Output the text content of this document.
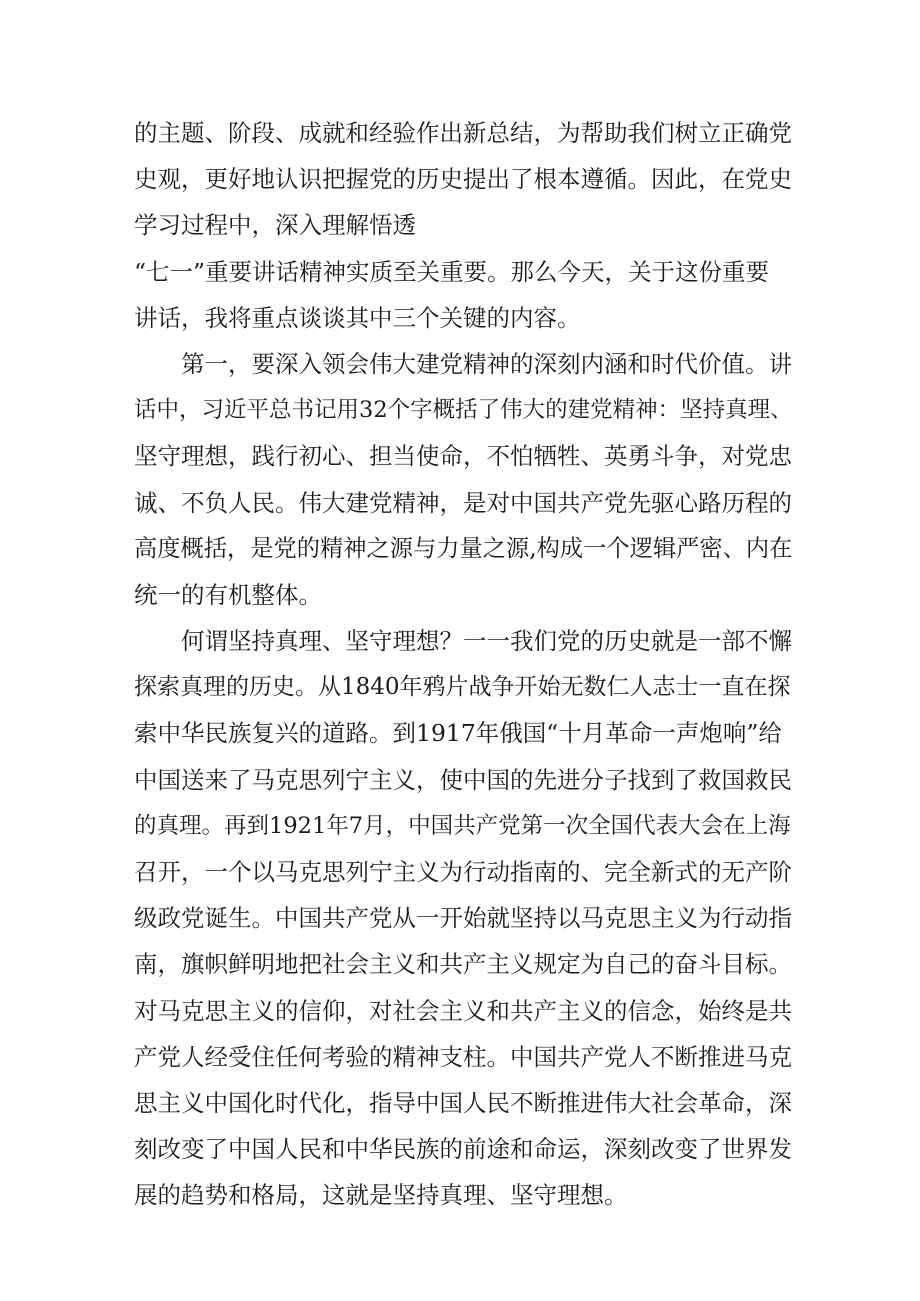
的主题、阶段、成就和经验作出新总结，为帮助我们树立正确党
史观，更好地认识把握党的历史提出了根本遵循。因此，在党史
学习过程中，深入理解悟透
“七一”重要讲话精神实质至关重要。那么今天，关于这份重要
讲话，我将重点谈谈其中三个关键的内容。
第一，要深入领会伟大建党精神的深刻内涵和时代价值。讲
话中，习近平总书记用32个字概括了伟大的建党精神：坚持真理、
坚守理想，践行初心、担当使命，不怕牺牲、英勇斗争，对党忠
诚、不负人民。伟大建党精神，是对中国共产党先驱心路历程的
高度概括，是党的精神之源与力量之源,构成一个逻辑严密、内在
统一的有机整体。
何谓坚持真理、坚守理想？一一我们党的历史就是一部不懈
探索真理的历史。从1840年鸦片战争开始无数仁人志士一直在探
索中华民族复兴的道路。到1917年俄国“十月革命一声炮响”给
中国送来了马克思列宁主义，使中国的先进分子找到了救国救民
的真理。再到1921年7月，中国共产党第一次全国代表大会在上海
召开，一个以马克思列宁主义为行动指南的、完全新式的无产阶
级政党诞生。中国共产党从一开始就坚持以马克思主义为行动指
南，旗帜鲜明地把社会主义和共产主义规定为自己的奋斗目标。
对马克思主义的信仰，对社会主义和共产主义的信念，始终是共
产党人经受住任何考验的精神支柱。中国共产党人不断推进马克
思主义中国化时代化，指导中国人民不断推进伟大社会革命，深
刻改变了中国人民和中华民族的前途和命运，深刻改变了世界发
展的趋势和格局，这就是坚持真理、坚守理想。
